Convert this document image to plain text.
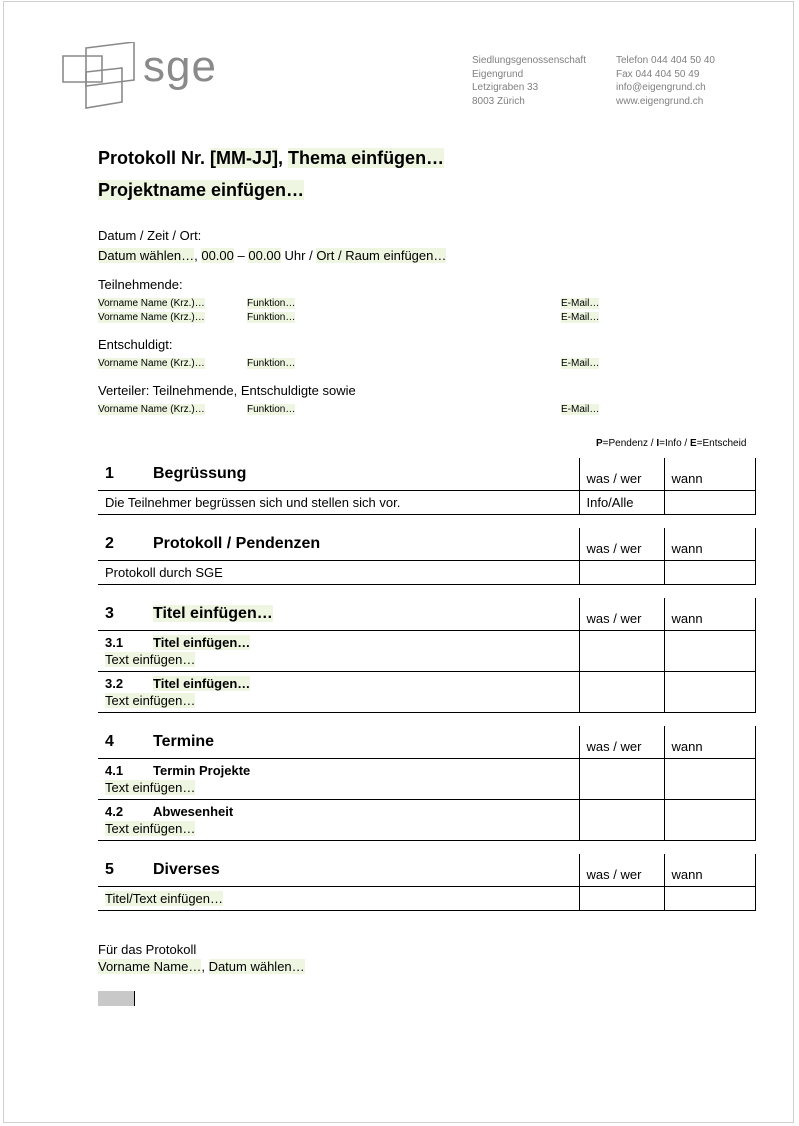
sge	Siedlungsgenossenschaft
Eigengrund
Letzigraben 33
8003 Zürich
Telefon 044 404 50 40
Fax 044 404 50 49
info@eigengrund.ch
www.eigengrund.ch
Protokoll Nr. [MM-JJ], Thema einfügen…
Projektname einfügen…
Datum / Zeit / Ort:
Datum wählen…, 00.00 – 00.00 Uhr / Ort / Raum einfügen…
Teilnehmende:
Vorname Name (Krz.)…	Funktion…	E-Mail…
Vorname Name (Krz.)…	Funktion…	E-Mail…
Entschuldigt:
Vorname Name (Krz.)…	Funktion…	E-Mail…
Verteiler: Teilnehmende, Entschuldigte sowie
Vorname Name (Krz.)…	Funktion…	E-Mail…
P=Pendenz / I=Info / E=Entscheid
1 Begrüssung	was / wer	wann
Die Teilnehmer begrüssen sich und stellen sich vor.	Info/Alle	
2 Protokoll / Pendenzen	was / wer	wann
Protokoll durch SGE		
3 Titel einfügen…	was / wer	wann

3.1 Titel einfügen…
Text einfügen…		

3.2 Titel einfügen…
Text einfügen…		

4 Termine	was / wer	wann

4.1 Termin Projekte
Text einfügen…		

4.2 Abwesenheit
Text einfügen…		

5 Diverses	was / wer	wann
Titel/Text einfügen…		
Für das Protokoll
Vorname Name…, Datum wählen…
